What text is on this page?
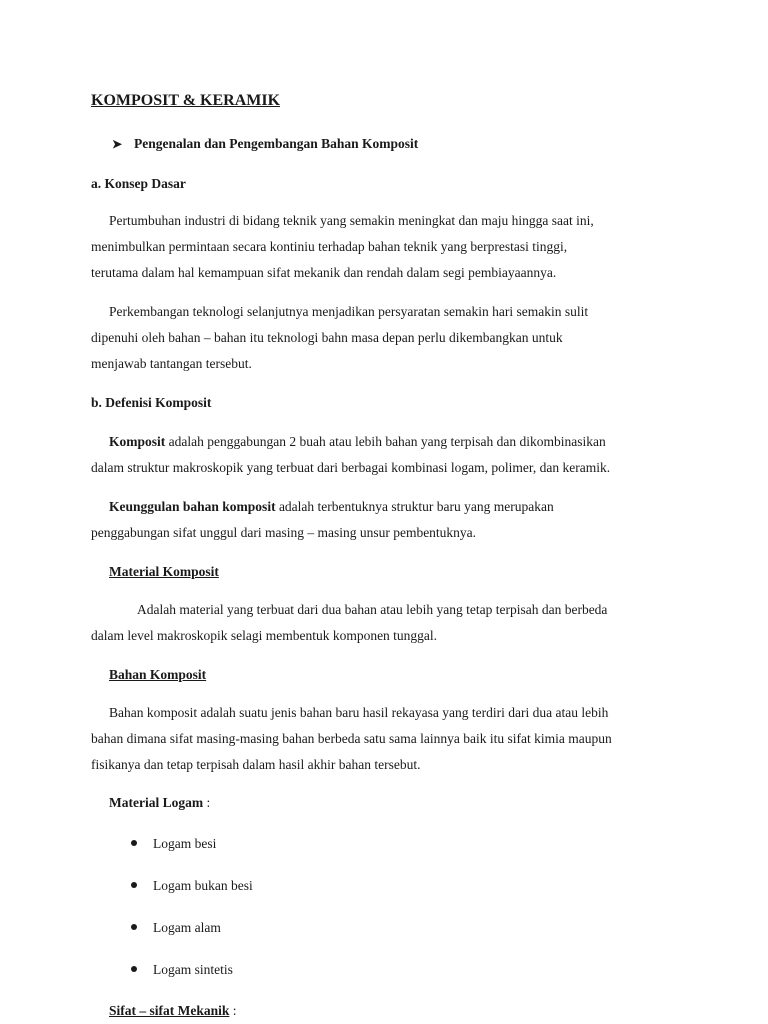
KOMPOSIT & KERAMIK
➤ Pengenalan dan Pengembangan Bahan Komposit
a. Konsep Dasar
Pertumbuhan industri di bidang teknik yang semakin meningkat dan maju hingga saat ini,
menimbulkan permintaan secara kontiniu terhadap bahan teknik yang berprestasi tinggi,
terutama dalam hal kemampuan sifat mekanik dan rendah dalam segi pembiayaannya.
Perkembangan teknologi selanjutnya menjadikan persyaratan semakin hari semakin sulit
dipenuhi oleh bahan – bahan itu teknologi bahn masa depan perlu dikembangkan untuk
menjawab tantangan tersebut.
b. Defenisi Komposit
Komposit adalah penggabungan 2 buah atau lebih bahan yang terpisah dan dikombinasikan
dalam struktur makroskopik yang terbuat dari berbagai kombinasi logam, polimer, dan keramik.
Keunggulan bahan komposit adalah terbentuknya struktur baru yang merupakan
penggabungan sifat unggul dari masing – masing unsur pembentuknya.
Material Komposit
Adalah material yang terbuat dari dua bahan atau lebih yang tetap terpisah dan berbeda
dalam level makroskopik selagi membentuk komponen tunggal.
Bahan Komposit
Bahan komposit adalah suatu jenis bahan baru hasil rekayasa yang terdiri dari dua atau lebih
bahan dimana sifat masing-masing bahan berbeda satu sama lainnya baik itu sifat kimia maupun
fisikanya dan tetap terpisah dalam hasil akhir bahan tersebut.
Material Logam :
Logam besi
Logam bukan besi
Logam alam
Logam sintetis
Sifat – sifat Mekanik :
